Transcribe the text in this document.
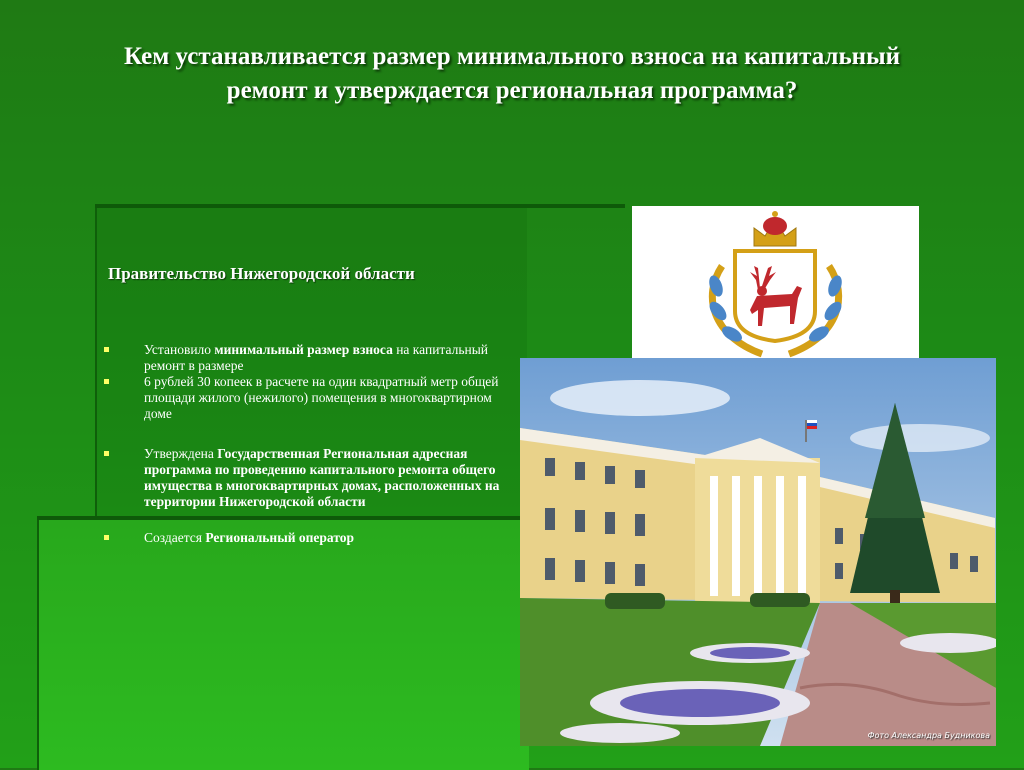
Кем устанавливается размер минимального взноса на капитальный
ремонт и утверждается региональная программа?
Правительство Нижегородской области
Установило минимальный размер взноса на капитальный ремонт в размере
6 рублей 30 копеек в расчете на один квадратный метр общей площади жилого (нежилого) помещения в многоквартирном доме
Утверждена Государственная Региональная адресная программа по проведению капитального ремонта общего имущества в многоквартирных домах, расположенных на территории Нижегородской области
Создается Региональный оператор
Фото Александра Будникова
